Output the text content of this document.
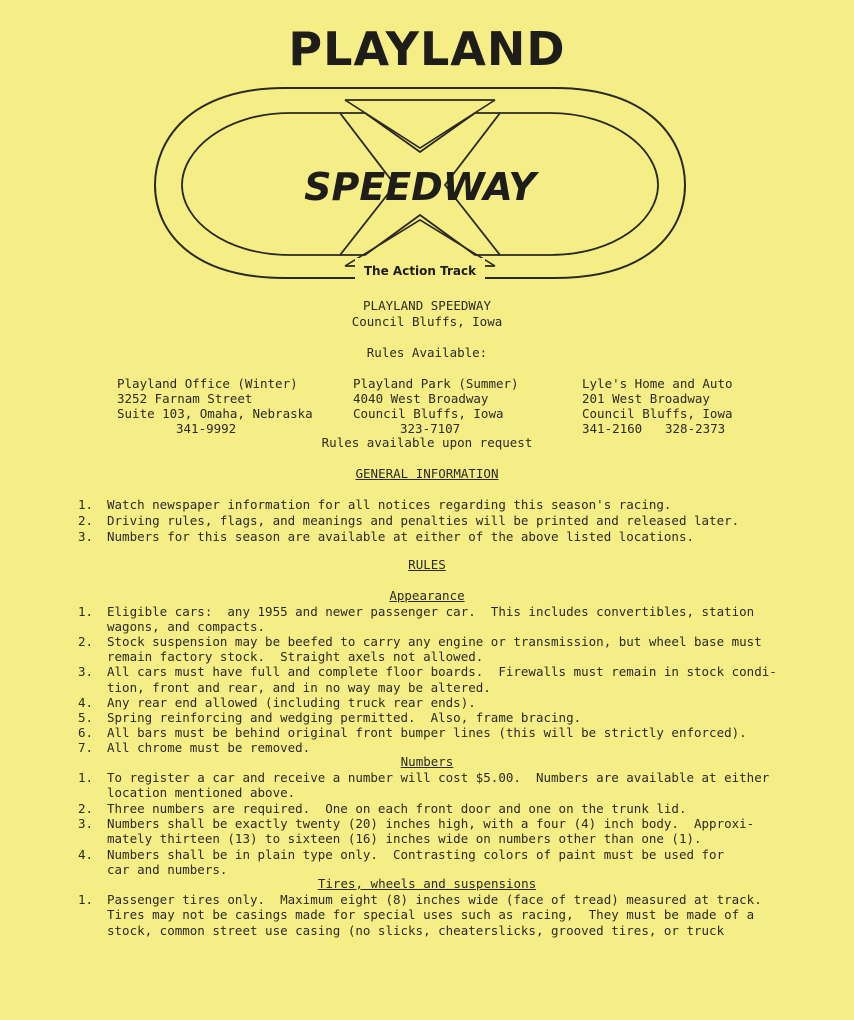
PLAYLAND
SPEEDWAY
The Action Track
PLAYLAND SPEEDWAY
Council Bluffs, Iowa
Rules Available:
Playland Office (Winter)
3252 Farnam Street
Suite 103, Omaha, Nebraska
341-9992
Playland Park (Summer)
4040 West Broadway
Council Bluffs, Iowa
323-7107
Lyle's Home and Auto
201 West Broadway
Council Bluffs, Iowa
341-2160 328-2373
Rules available upon request
GENERAL INFORMATION
1. Watch newspaper information for all notices regarding this season's racing.
2. Driving rules, flags, and meanings and penalties will be printed and released later.
3. Numbers for this season are available at either of the above listed locations.
RULES
Appearance
1. Eligible cars:  any 1955 and newer passenger car.  This includes convertibles, station
wagons, and compacts.
2. Stock suspension may be beefed to carry any engine or transmission, but wheel base must
remain factory stock.  Straight axels not allowed.
3. All cars must have full and complete floor boards.  Firewalls must remain in stock condi-
tion, front and rear, and in no way may be altered.
4. Any rear end allowed (including truck rear ends).
5. Spring reinforcing and wedging permitted.  Also, frame bracing.
6. All bars must be behind original front bumper lines (this will be strictly enforced).
7. All chrome must be removed.
Numbers
1. To register a car and receive a number will cost $5.00.  Numbers are available at either
location mentioned above.
2. Three numbers are required.  One on each front door and one on the trunk lid.
3. Numbers shall be exactly twenty (20) inches high, with a four (4) inch body.  Approxi-
mately thirteen (13) to sixteen (16) inches wide on numbers other than one (1).
4. Numbers shall be in plain type only.  Contrasting colors of paint must be used for
car and numbers.
Tires, wheels and suspensions
1. Passenger tires only.  Maximum eight (8) inches wide (face of tread) measured at track.
Tires may not be casings made for special uses such as racing,  They must be made of a
stock, common street use casing (no slicks, cheaterslicks, grooved tires, or truck
